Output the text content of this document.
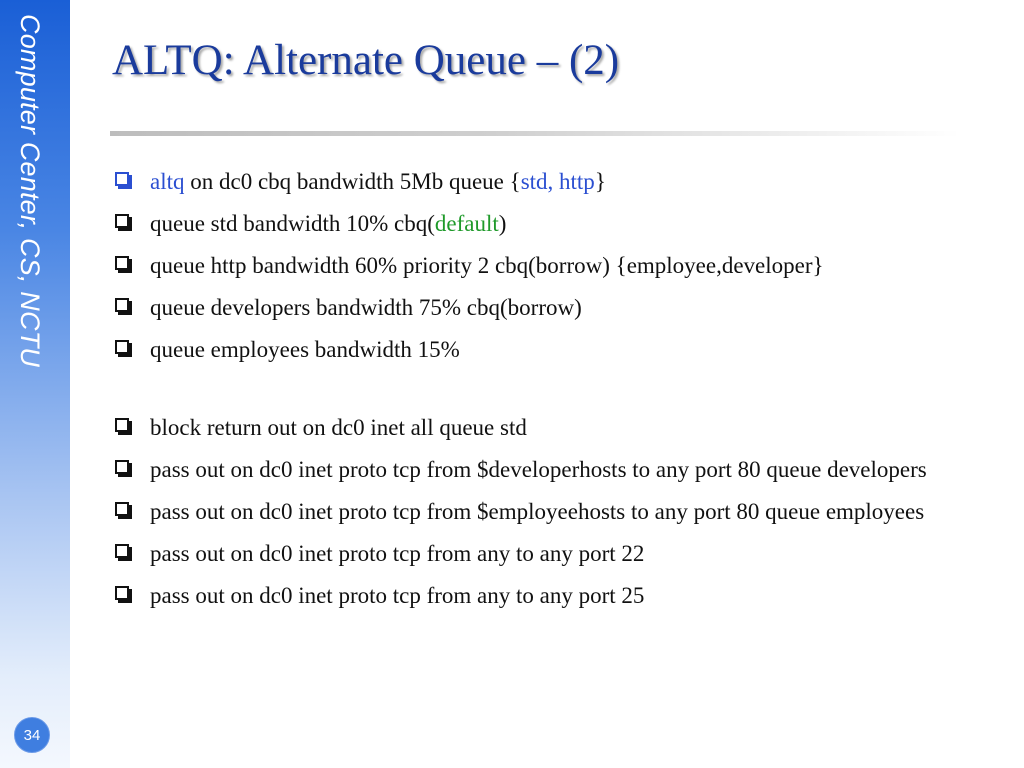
Computer Center, CS, NCTU
34
ALTQ: Alternate Queue – (2)
altq on dc0 cbq bandwidth 5Mb queue {std, http}
queue std bandwidth 10% cbq(default)
queue http bandwidth 60% priority 2 cbq(borrow) {employee,developer}
queue developers bandwidth 75% cbq(borrow)
queue employees bandwidth 15%
block return out on dc0 inet all queue std
pass out on dc0 inet proto tcp from $developerhosts to any port 80 queue developers
pass out on dc0 inet proto tcp from $employeehosts to any port 80 queue employees
pass out on dc0 inet proto tcp from any to any port 22
pass out on dc0 inet proto tcp from any to any port 25
